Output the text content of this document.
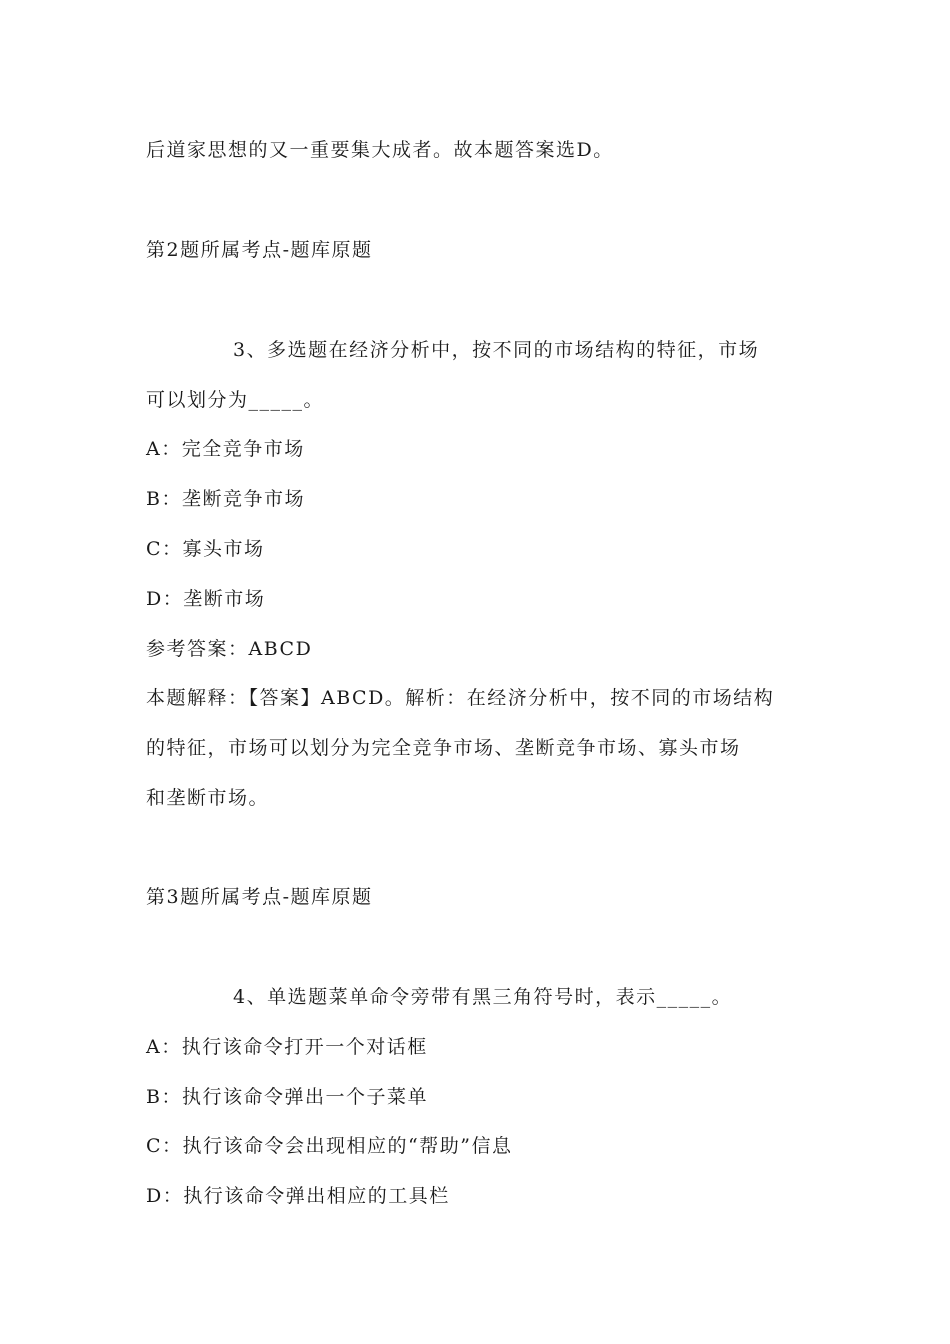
后道家思想的又一重要集大成者。故本题答案选D。
第2题所属考点-题库原题
3、多选题在经济分析中，按不同的市场结构的特征，市场
可以划分为_____。
A：完全竞争市场
B：垄断竞争市场
C：寡头市场
D：垄断市场
参考答案：ABCD
本题解释：【答案】ABCD。解析：在经济分析中，按不同的市场结构
的特征，市场可以划分为完全竞争市场、垄断竞争市场、寡头市场
和垄断市场。
第3题所属考点-题库原题
4、单选题菜单命令旁带有黑三角符号时，表示_____。
A：执行该命令打开一个对话框
B：执行该命令弹出一个子菜单
C：执行该命令会出现相应的“帮助”信息
D：执行该命令弹出相应的工具栏
